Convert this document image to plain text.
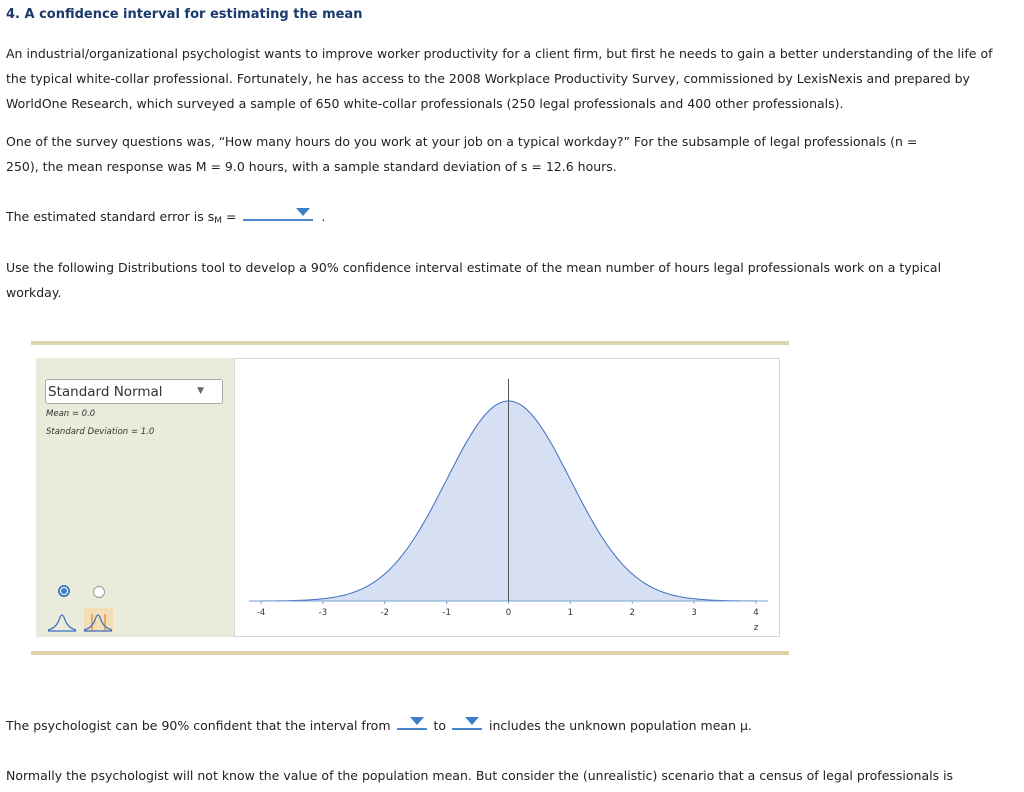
4. A confidence interval for estimating the mean
An industrial/organizational psychologist wants to improve worker productivity for a client firm, but first he needs to gain a better understanding of the life of the typical white-collar professional. Fortunately, he has access to the 2008 Workplace Productivity Survey, commissioned by LexisNexis and prepared by WorldOne Research, which surveyed a sample of 650 white-collar professionals (250 legal professionals and 400 other professionals).
One of the survey questions was, “How many hours do you work at your job on a typical workday?” For the subsample of legal professionals (n = 250), the mean response was M = 9.0 hours, with a sample standard deviation of s = 12.6 hours.
The estimated standard error is $s_M$ =	.
Use the following Distributions tool to develop a 90% confidence interval estimate of the mean number of hours legal professionals work on a typical workday.
Standard Normal	▼
Mean = 0.0
Standard Deviation = 1.0
-4	-3	-2	-1	0	1	2	3	4
z
The psychologist can be 90% confident that the interval from	to	includes the unknown population mean μ.
Normally the psychologist will not know the value of the population mean. But consider the (unrealistic) scenario that a census of legal professionals is
